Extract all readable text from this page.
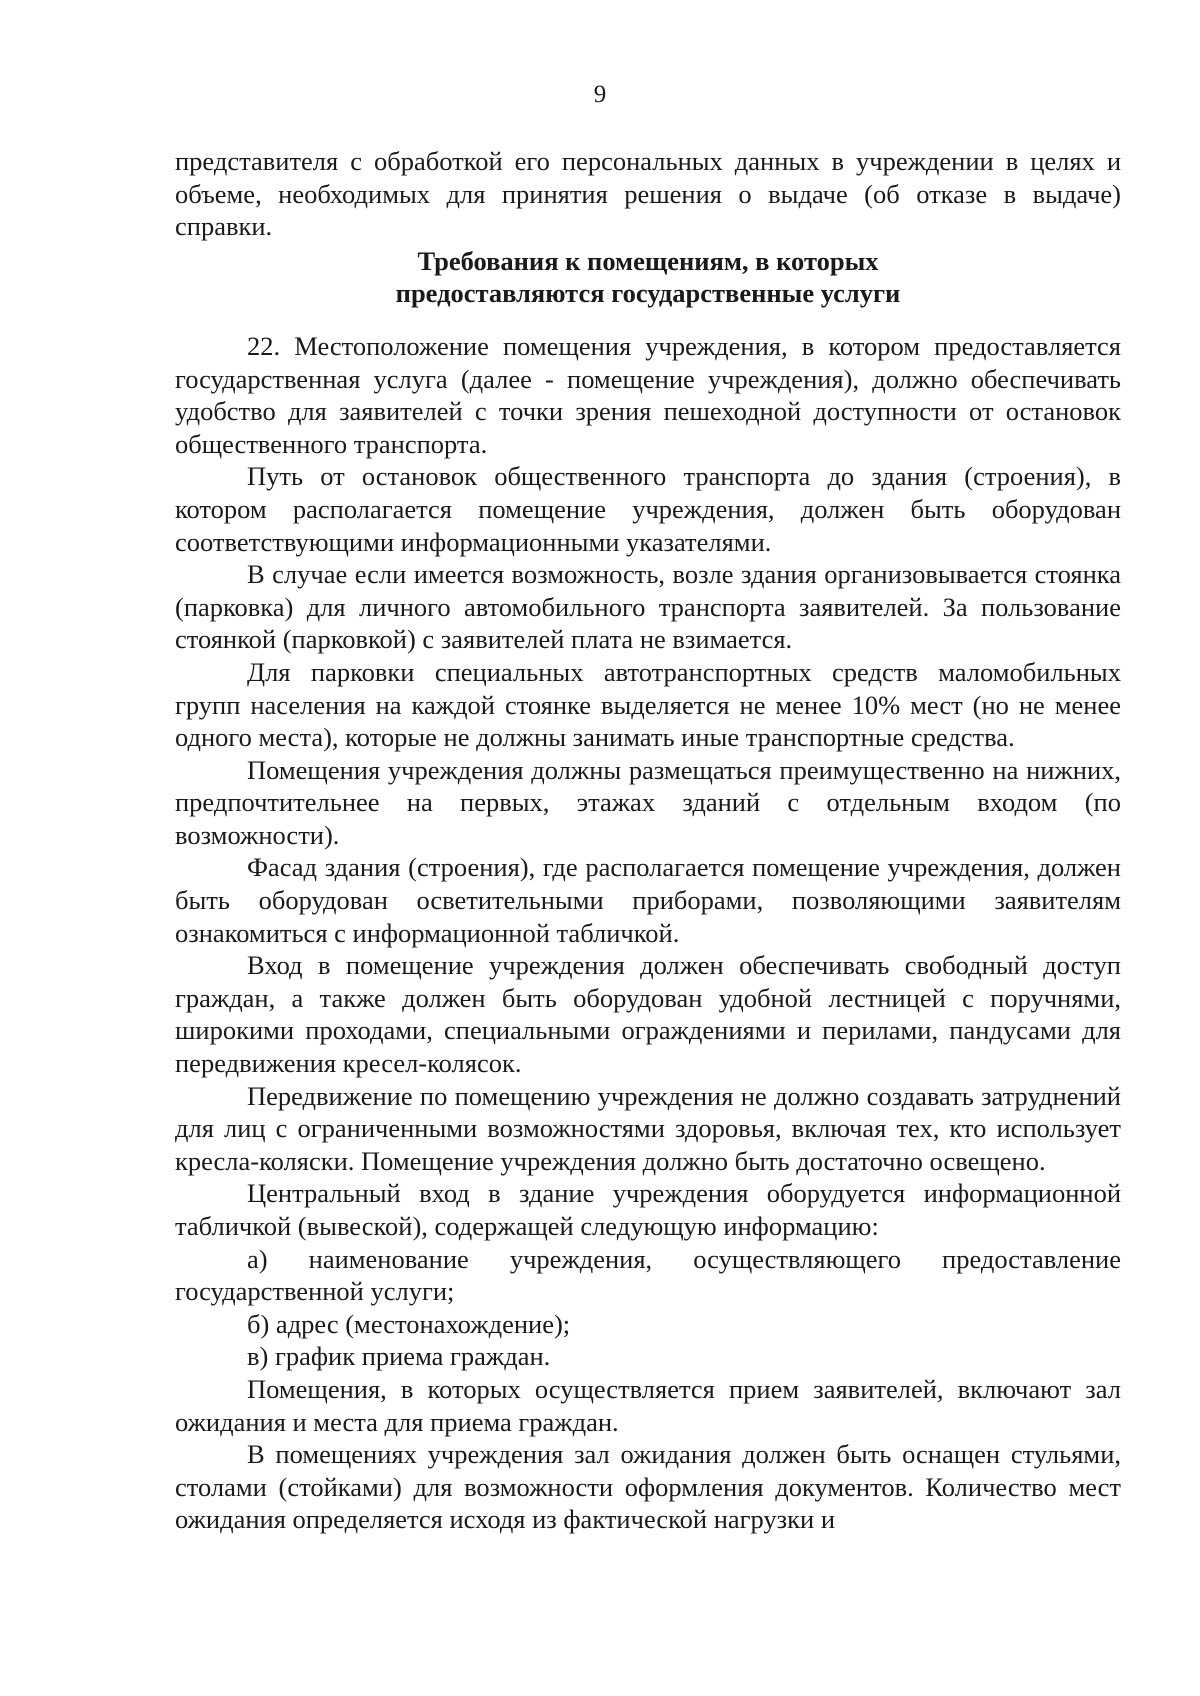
9

представителя с обработкой его персональных данных в учреждении в целях и объеме, необходимых для принятия решения о выдаче (об отказе в выдаче) справки.

Требования к помещениям, в которых
предоставляются государственные услуги

22. Местоположение помещения учреждения, в котором предоставляется государственная услуга (далее - помещение учреждения), должно обеспечивать удобство для заявителей с точки зрения пешеходной доступности от остановок общественного транспорта.

Путь от остановок общественного транспорта до здания (строения), в котором располагается помещение учреждения, должен быть оборудован соответствующими информационными указателями.

В случае если имеется возможность, возле здания организовывается стоянка (парковка) для личного автомобильного транспорта заявителей. За пользование стоянкой (парковкой) с заявителей плата не взимается.

Для парковки специальных автотранспортных средств маломобильных групп населения на каждой стоянке выделяется не менее 10% мест (но не менее одного места), которые не должны занимать иные транспортные средства.

Помещения учреждения должны размещаться преимущественно на нижних, предпочтительнее на первых, этажах зданий с отдельным входом (по возможности).

Фасад здания (строения), где располагается помещение учреждения, должен быть оборудован осветительными приборами, позволяющими заявителям ознакомиться с информационной табличкой.

Вход в помещение учреждения должен обеспечивать свободный доступ граждан, а также должен быть оборудован удобной лестницей с поручнями, широкими проходами, специальными ограждениями и перилами, пандусами для передвижения кресел-колясок.

Передвижение по помещению учреждения не должно создавать затруднений для лиц с ограниченными возможностями здоровья, включая тех, кто использует кресла-коляски. Помещение учреждения должно быть достаточно освещено.

Центральный вход в здание учреждения оборудуется информационной табличкой (вывеской), содержащей следующую информацию:

а) наименование учреждения, осуществляющего предоставление государственной услуги;

б) адрес (местонахождение);

в) график приема граждан.

Помещения, в которых осуществляется прием заявителей, включают зал ожидания и места для приема граждан.

В помещениях учреждения зал ожидания должен быть оснащен стульями, столами (стойками) для возможности оформления документов. Количество мест ожидания определяется исходя из фактической нагрузки и
